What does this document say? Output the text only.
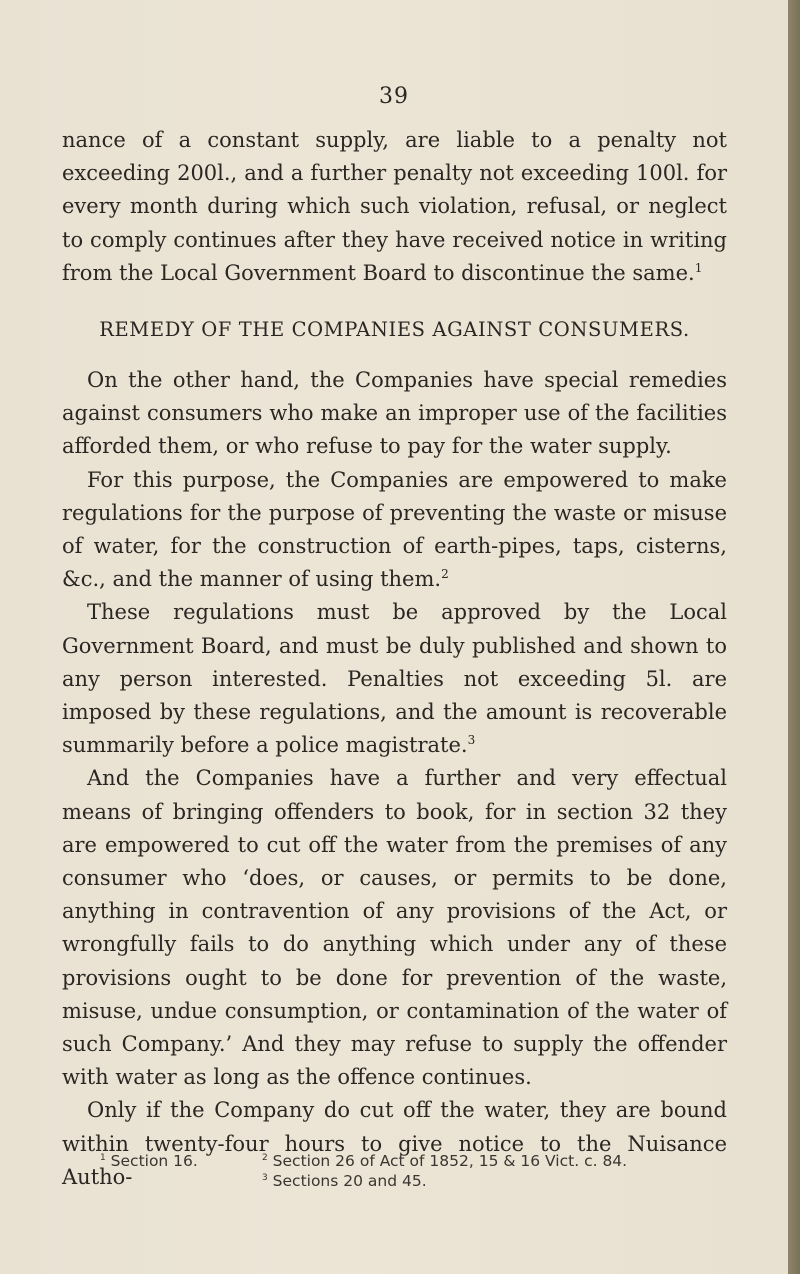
39

nance of a constant supply, are liable to a penalty not exceeding 200l., and a further penalty not exceeding 100l. for every month during which such violation, refusal, or neglect to comply continues after they have received notice in writing from the Local Government Board to discontinue the same.$^1$

REMEDY OF THE COMPANIES AGAINST CONSUMERS.

On the other hand, the Companies have special remedies against consumers who make an improper use of the facilities afforded them, or who refuse to pay for the water supply.

For this purpose, the Companies are empowered to make regulations for the purpose of preventing the waste or misuse of water, for the construction of earth-pipes, taps, cisterns, &c., and the manner of using them.$^2$

These regulations must be approved by the Local Government Board, and must be duly published and shown to any person interested. Penalties not exceeding 5l. are imposed by these regulations, and the amount is recoverable summarily before a police magistrate.$^3$

And the Companies have a further and very effectual means of bringing offenders to book, for in section 32 they are empowered to cut off the water from the premises of any consumer who ‘does, or causes, or permits to be done, anything in contravention of any provisions of the Act, or wrongfully fails to do anything which under any of these provisions ought to be done for prevention of the waste, misuse, undue consumption, or contamination of the water of such Company.’ And they may refuse to supply the offender with water as long as the offence continues.

Only if the Company do cut off the water, they are bound within twenty-four hours to give notice to the Nuisance Autho-

$^1$ Section 16.	$^2$ Section 26 of Act of 1852, 15 & 16 Vict. c. 84.
$^3$ Sections 20 and 45.
